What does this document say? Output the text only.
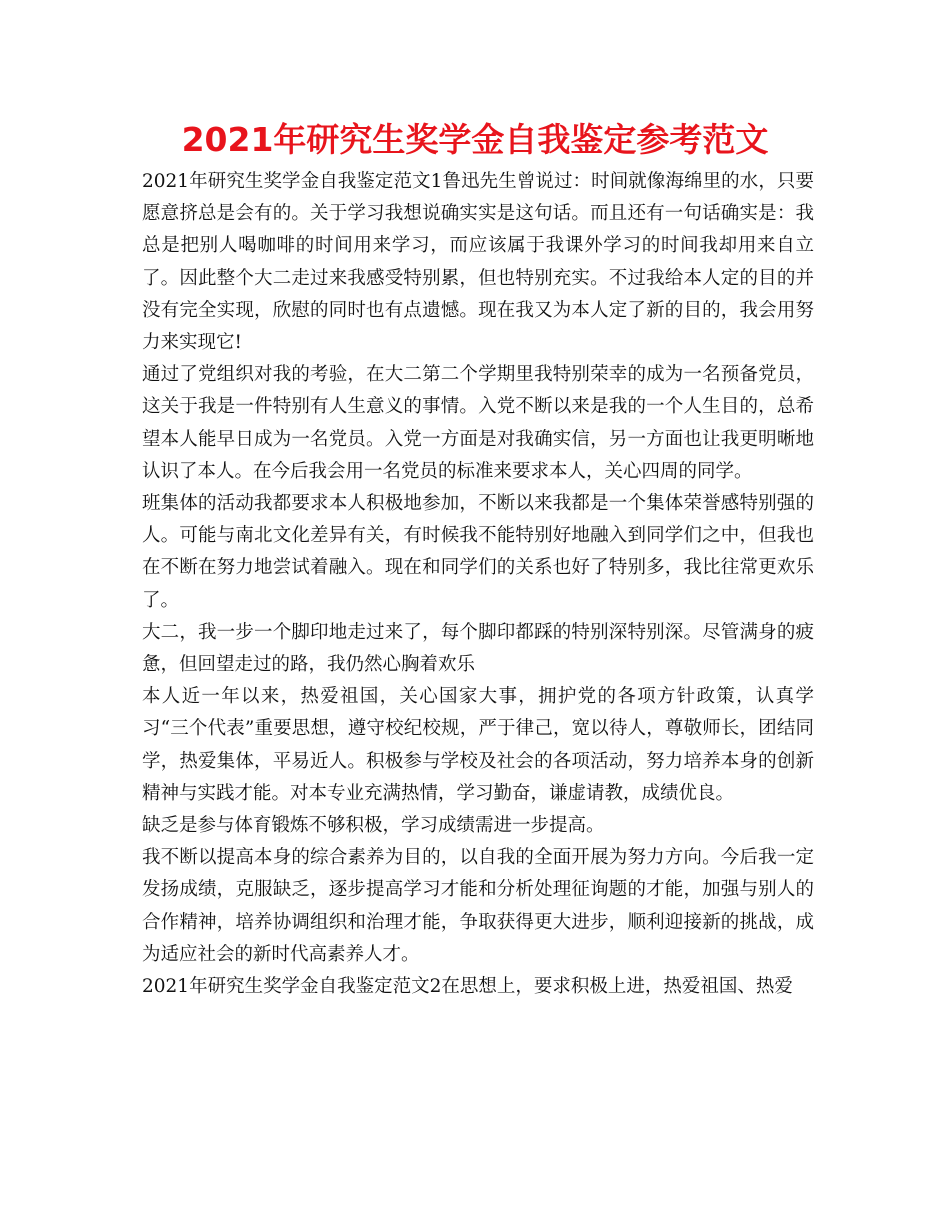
2021年研究生奖学金自我鉴定参考范文

2021年研究生奖学金自我鉴定范文1鲁迅先生曾说过：时间就像海绵里的水，只要愿意挤总是会有的。关于学习我想说确实实是这句话。而且还有一句话确实是：我总是把别人喝咖啡的时间用来学习，而应该属于我课外学习的时间我却用来自立了。因此整个大二走过来我感受特别累，但也特别充实。不过我给本人定的目的并没有完全实现，欣慰的同时也有点遗憾。现在我又为本人定了新的目的，我会用努力来实现它!

通过了党组织对我的考验，在大二第二个学期里我特别荣幸的成为一名预备党员，这关于我是一件特别有人生意义的事情。入党不断以来是我的一个人生目的，总希望本人能早日成为一名党员。入党一方面是对我确实信，另一方面也让我更明晰地认识了本人。在今后我会用一名党员的标准来要求本人，关心四周的同学。

班集体的活动我都要求本人积极地参加，不断以来我都是一个集体荣誉感特别强的人。可能与南北文化差异有关，有时候我不能特别好地融入到同学们之中，但我也在不断在努力地尝试着融入。现在和同学们的关系也好了特别多，我比往常更欢乐了。

大二，我一步一个脚印地走过来了，每个脚印都踩的特别深特别深。尽管满身的疲惫，但回望走过的路，我仍然心胸着欢乐

本人近一年以来，热爱祖国，关心国家大事，拥护党的各项方针政策，认真学习“三个代表”重要思想，遵守校纪校规，严于律己，宽以待人，尊敬师长，团结同学，热爱集体，平易近人。积极参与学校及社会的各项活动，努力培养本身的创新精神与实践才能。对本专业充满热情，学习勤奋，谦虚请教，成绩优良。

缺乏是参与体育锻炼不够积极，学习成绩需进一步提高。

我不断以提高本身的综合素养为目的，以自我的全面开展为努力方向。今后我一定发扬成绩，克服缺乏，逐步提高学习才能和分析处理征询题的才能，加强与别人的合作精神，培养协调组织和治理才能，争取获得更大进步，顺利迎接新的挑战，成为适应社会的新时代高素养人才。

2021年研究生奖学金自我鉴定范文2在思想上，要求积极上进，热爱祖国、热爱
